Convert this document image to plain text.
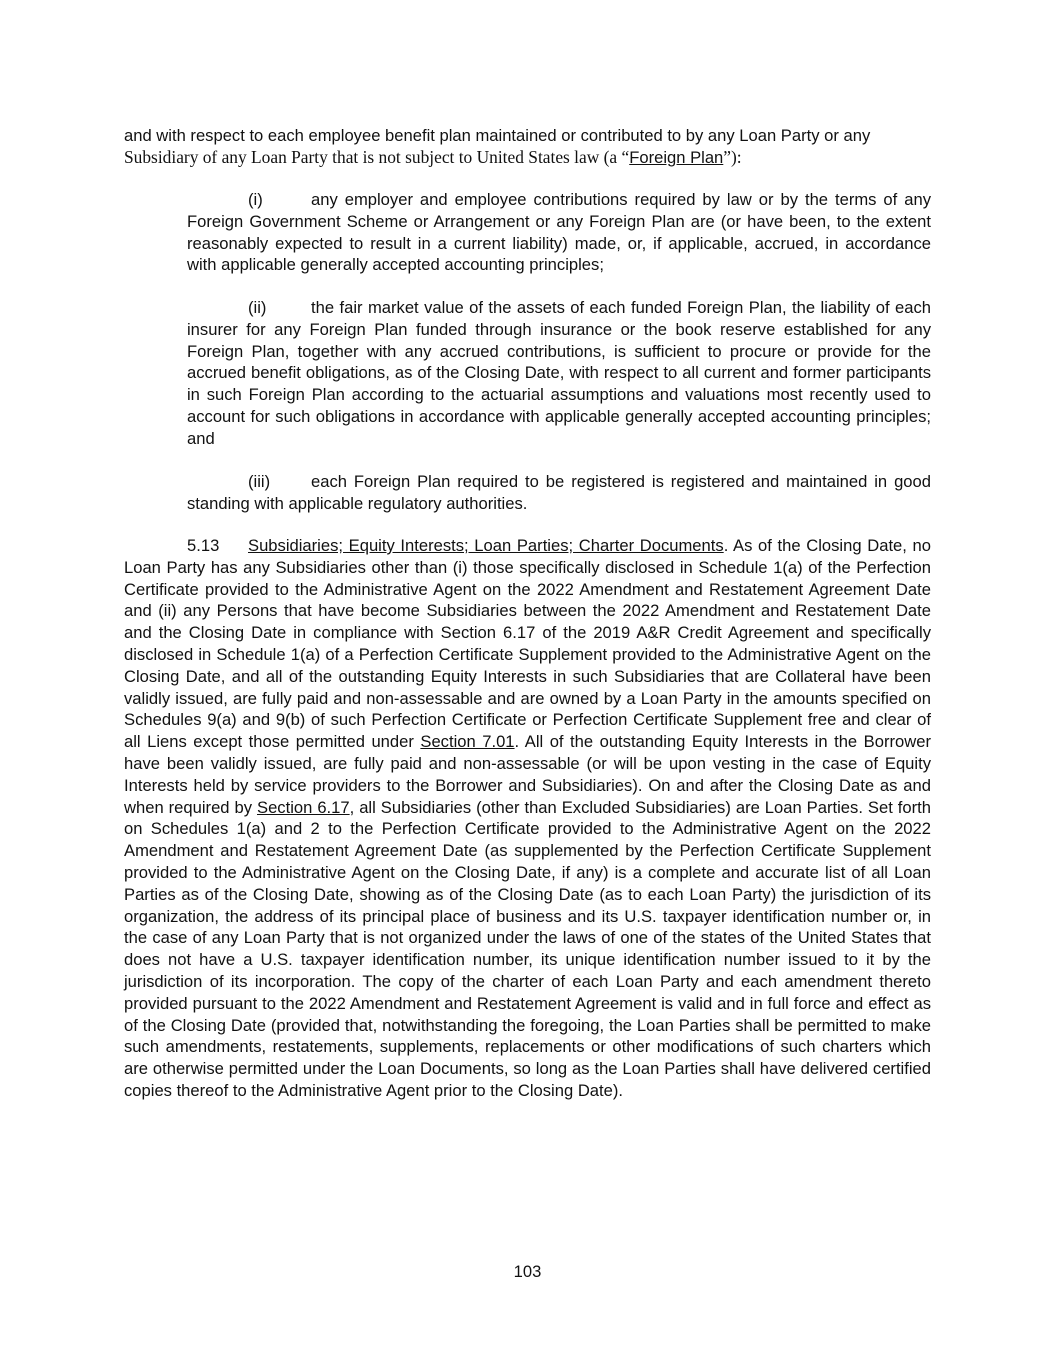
and with respect to each employee benefit plan maintained or contributed to by any Loan Party or any
Subsidiary of any Loan Party that is not subject to United States law (a “Foreign Plan”):

(i)	any employer and employee contributions required by law or by the terms of any Foreign Government Scheme or Arrangement or any Foreign Plan are (or have been, to the extent reasonably expected to result in a current liability) made, or, if applicable, accrued, in accordance with applicable generally accepted accounting principles;

(ii)	the fair market value of the assets of each funded Foreign Plan, the liability of each insurer for any Foreign Plan funded through insurance or the book reserve established for any Foreign Plan, together with any accrued contributions, is sufficient to procure or provide for the accrued benefit obligations, as of the Closing Date, with respect to all current and former participants in such Foreign Plan according to the actuarial assumptions and valuations most recently used to account for such obligations in accordance with applicable generally accepted accounting principles; and

(iii) each Foreign Plan required to be registered is registered and maintained in good standing with applicable regulatory authorities.

5.13 Subsidiaries; Equity Interests; Loan Parties; Charter Documents. As of the Closing Date, no Loan Party has any Subsidiaries other than (i) those specifically disclosed in Schedule 1(a) of the Perfection Certificate provided to the Administrative Agent on the 2022 Amendment and Restatement Agreement Date and (ii) any Persons that have become Subsidiaries between the 2022 Amendment and Restatement Date and the Closing Date in compliance with Section 6.17 of the 2019 A&R Credit Agreement and specifically disclosed in Schedule 1(a) of a Perfection Certificate Supplement provided to the Administrative Agent on the Closing Date, and all of the outstanding Equity Interests in such Subsidiaries that are Collateral have been validly issued, are fully paid and non-assessable and are owned by a Loan Party in the amounts specified on Schedules 9(a) and 9(b) of such Perfection Certificate or Perfection Certificate Supplement free and clear of all Liens except those permitted under Section 7.01. All of the outstanding Equity Interests in the Borrower have been validly issued, are fully paid and non-assessable (or will be upon vesting in the case of Equity Interests held by service providers to the Borrower and Subsidiaries). On and after the Closing Date as and when required by Section 6.17, all Subsidiaries (other than Excluded Subsidiaries) are Loan Parties. Set forth on Schedules 1(a) and 2 to the Perfection Certificate provided to the Administrative Agent on the 2022 Amendment and Restatement Agreement Date (as supplemented by the Perfection Certificate Supplement provided to the Administrative Agent on the Closing Date, if any) is a complete and accurate list of all Loan Parties as of the Closing Date, showing as of the Closing Date (as to each Loan Party) the jurisdiction of its organization, the address of its principal place of business and its U.S. taxpayer identification number or, in the case of any Loan Party that is not organized under the laws of one of the states of the United States that does not have a U.S. taxpayer identification number, its unique identification number issued to it by the jurisdiction of its incorporation. The copy of the charter of each Loan Party and each amendment thereto provided pursuant to the 2022 Amendment and Restatement Agreement is valid and in full force and effect as of the Closing Date (provided that, notwithstanding the foregoing, the Loan Parties shall be permitted to make such amendments, restatements, supplements, replacements or other modifications of such charters which are otherwise permitted under the Loan Documents, so long as the Loan Parties shall have delivered certified copies thereof to the Administrative Agent prior to the Closing Date).

103
